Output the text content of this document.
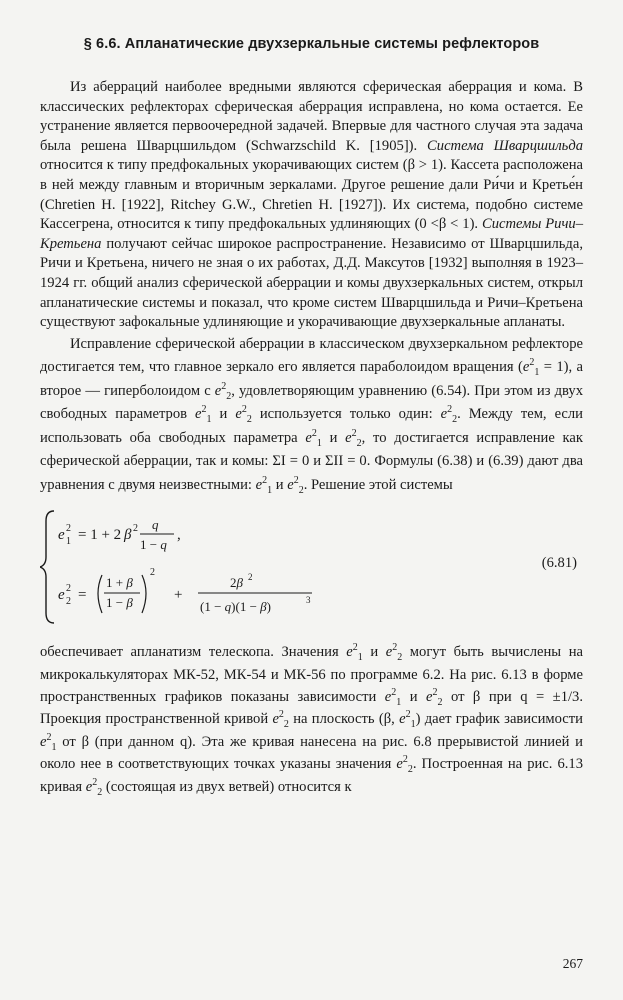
§ 6.6. Апланатические двухзеркальные системы рефлекторов

Из аберраций наиболее вредными являются сферическая аберрация и кома. В классических рефлекторах сферическая аберрация исправлена, но кома остается. Ее устранение является первоочередной задачей. Впервые для частного случая эта задача была решена Шварцшильдом (Schwarzschild K. [1905]). Система Шварцшильда относится к типу предфокальных укорачивающих систем (β > 1). Кассета расположена в ней между главным и вторичным зеркалами. Другое решение дали Ри́чи и Кретье́н (Chretien H. [1922], Ritchey G.W., Chretien H. [1927]). Их система, подобно системе Кассегрена, относится к типу предфокальных удлиняющих (0 <β < 1). Системы Ричи–Кретьена получают сейчас широкое распространение. Независимо от Шварцшильда, Ричи и Кретьена, ничего не зная о их работах, Д.Д. Максутов [1932] выполняя в 1923–1924 гг. общий анализ сферической аберрации и комы двухзеркальных систем, открыл апланатические системы и показал, что кроме систем Шварцшильда и Ричи–Кретьена существуют зафокальные удлиняющие и укорачивающие двухзеркальные апланаты.

Исправление сферической аберрации в классическом двухзеркальном рефлекторе достигается тем, что главное зеркало его является параболоидом вращения $(e^2_1 = 1)$, а второе — гиперболоидом с $e^2_2$, удовлетворяющим уравнению (6.54). При этом из двух свободных параметров $e^2_1$ и $e^2_2$ используется только один: $e^2_2$. Между тем, если использовать оба свободных параметра $e^2_1$ и $e^2_2$, то достигается исправление как сферической аберрации, так и комы: ΣI = 0 и ΣII = 0. Формулы (6.38) и (6.39) дают два уравнения с двумя неизвестными: $e^2_1$ и $e^2_2$. Решение этой системы

e 2
1 = 1 + 2 β 2 q
1 − q
,
e 2
2 =
1 + β
1 − β
2
+
2β 2
(1 − q)(1 − β)	3
(6.81)

обеспечивает апланатизм телескопа. Значения $e^2_1$ и $e^2_2$ могут быть вычислены на микрокалькуляторах МК-52, МК-54 и МК-56 по программе 6.2. На рис. 6.13 в форме пространственных графиков показаны зависимости $e^2_1$ и $e^2_2$ от β при q = ±1/3. Проекция пространственной кривой $e^2_2$ на плоскость (β, $e^2_1$) дает график зависимости $e^2_1$ от β (при данном q). Эта же кривая нанесена на рис. 6.8 прерывистой линией и около нее в соответствующих точках указаны значения $e^2_2$. Построенная на рис. 6.13 кривая $e^2_2$ (состоящая из двух ветвей) относится к

267
